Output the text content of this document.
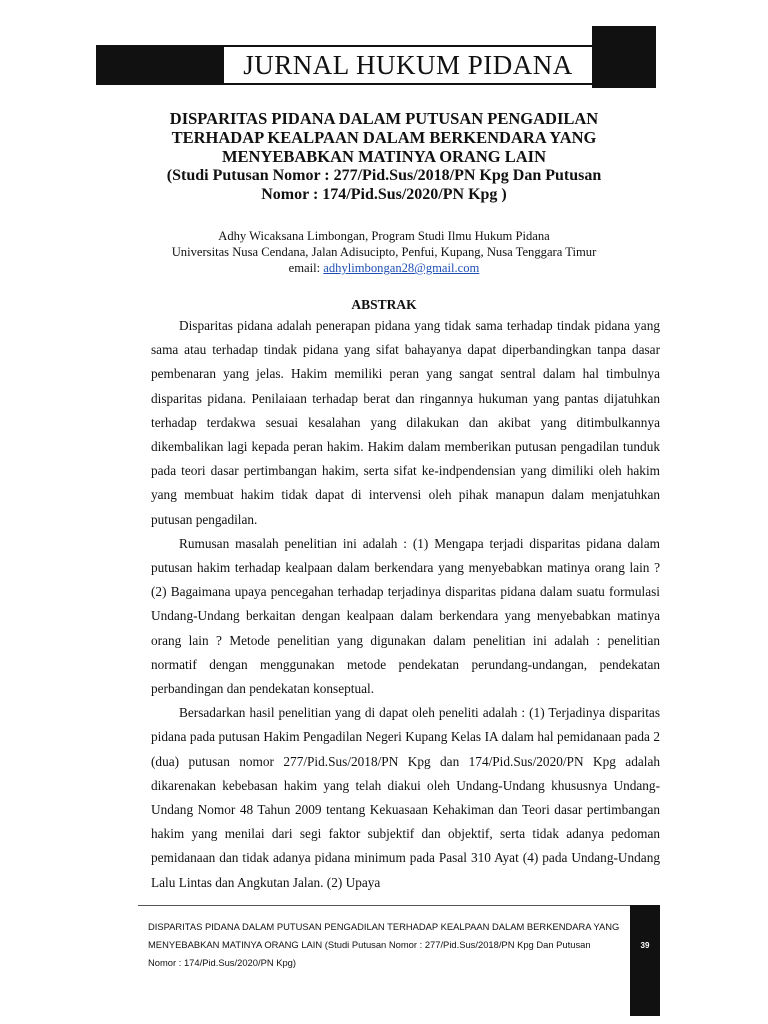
JURNAL HUKUM PIDANA
DISPARITAS PIDANA DALAM PUTUSAN PENGADILAN
TERHADAP KEALPAAN DALAM BERKENDARA YANG
MENYEBABKAN MATINYA ORANG LAIN
(Studi Putusan Nomor : 277/Pid.Sus/2018/PN Kpg Dan Putusan
Nomor : 174/Pid.Sus/2020/PN Kpg )
Adhy Wicaksana Limbongan, Program Studi Ilmu Hukum Pidana
Universitas Nusa Cendana, Jalan Adisucipto, Penfui, Kupang, Nusa Tenggara Timur
email: adhylimbongan28@gmail.com
ABSTRAK

Disparitas pidana adalah penerapan pidana yang tidak sama terhadap tindak pidana yang sama atau terhadap tindak pidana yang sifat bahayanya dapat diperbandingkan tanpa dasar pembenaran yang jelas. Hakim memiliki peran yang sangat sentral dalam hal timbulnya disparitas pidana. Penilaiaan terhadap berat dan ringannya hukuman yang pantas dijatuhkan terhadap terdakwa sesuai kesalahan yang dilakukan dan akibat yang ditimbulkannya dikembalikan lagi kepada peran hakim. Hakim dalam memberikan putusan pengadilan tunduk pada teori dasar pertimbangan hakim, serta sifat ke-indpendensian yang dimiliki oleh hakim yang membuat hakim tidak dapat di intervensi oleh pihak manapun dalam menjatuhkan putusan pengadilan.

Rumusan masalah penelitian ini adalah : (1) Mengapa terjadi disparitas pidana dalam putusan hakim terhadap kealpaan dalam berkendara yang menyebabkan matinya orang lain ? (2) Bagaimana upaya pencegahan terhadap terjadinya disparitas pidana dalam suatu formulasi Undang-Undang berkaitan dengan kealpaan dalam berkendara yang menyebabkan matinya orang lain ? Metode penelitian yang digunakan dalam penelitian ini adalah : penelitian normatif dengan menggunakan metode pendekatan perundang-undangan, pendekatan perbandingan dan pendekatan konseptual.

Bersadarkan hasil penelitian yang di dapat oleh peneliti adalah : (1) Terjadinya disparitas pidana pada putusan Hakim Pengadilan Negeri Kupang Kelas IA dalam hal pemidanaan pada 2 (dua) putusan nomor 277/Pid.Sus/2018/PN Kpg dan 174/Pid.Sus/2020/PN Kpg adalah dikarenakan kebebasan hakim yang telah diakui oleh Undang-Undang khususnya Undang-Undang Nomor 48 Tahun 2009 tentang Kekuasaan Kehakiman dan Teori dasar pertimbangan hakim yang menilai dari segi faktor subjektif dan objektif, serta tidak adanya pedoman pemidanaan dan tidak adanya pidana minimum pada Pasal 310 Ayat (4) pada Undang-Undang Lalu Lintas dan Angkutan Jalan. (2) Upaya

DISPARITAS PIDANA DALAM PUTUSAN PENGADILAN TERHADAP KEALPAAN DALAM BERKENDARA YANG
MENYEBABKAN MATINYA ORANG LAIN (Studi Putusan Nomor : 277/Pid.Sus/2018/PN Kpg Dan Putusan
Nomor : 174/Pid.Sus/2020/PN Kpg)
39
